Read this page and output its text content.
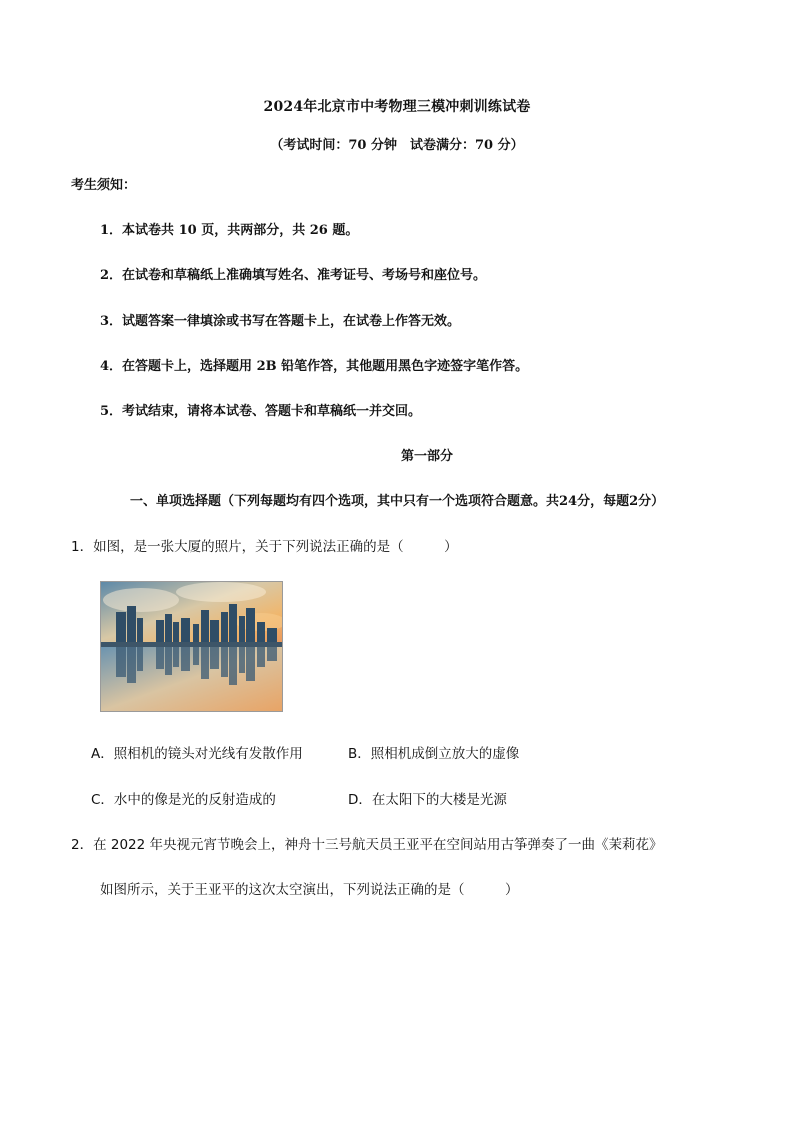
2024年北京市中考物理三模冲刺训练试卷
（考试时间：70 分钟　试卷满分：70 分）
考生须知：
1．本试卷共 10 页，共两部分，共 26 题。
2．在试卷和草稿纸上准确填写姓名、准考证号、考场号和座位号。
3．试题答案一律填涂或书写在答题卡上，在试卷上作答无效。
4．在答题卡上，选择题用 2B 铅笔作答，其他题用黑色字迹签字笔作答。
5．考试结束，请将本试卷、答题卡和草稿纸一并交回。
第一部分
一、单项选择题（下列每题均有四个选项，其中只有一个选项符合题意。共24分，每题2分）
1．如图，是一张大厦的照片，关于下列说法正确的是（　　　）
A．照相机的镜头对光线有发散作用	B．照相机成倒立放大的虚像
C．水中的像是光的反射造成的	D．在太阳下的大楼是光源
2．在 2022 年央视元宵节晚会上，神舟十三号航天员王亚平在空间站用古筝弹奏了一曲《茉莉花》
如图所示，关于王亚平的这次太空演出，下列说法正确的是（　　　）
